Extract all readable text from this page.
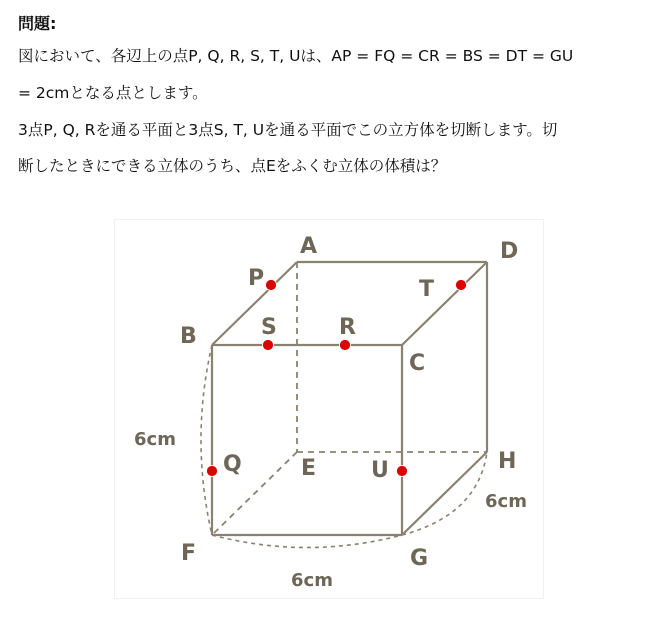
問題:
図において、各辺上の点P, Q, R, S, T, Uは、AP = FQ = CR = BS = DT = GU
= 2cmとなる点とします。
3点P, Q, Rを通る平面と3点S, T, Uを通る平面でこの立方体を切断します。切
断したときにできる立体のうち、点Eをふくむ立体の体積は？
A	D
B
C
E	H
F	G
P
S	R
T
Q	U
6cm
6cm
6cm
